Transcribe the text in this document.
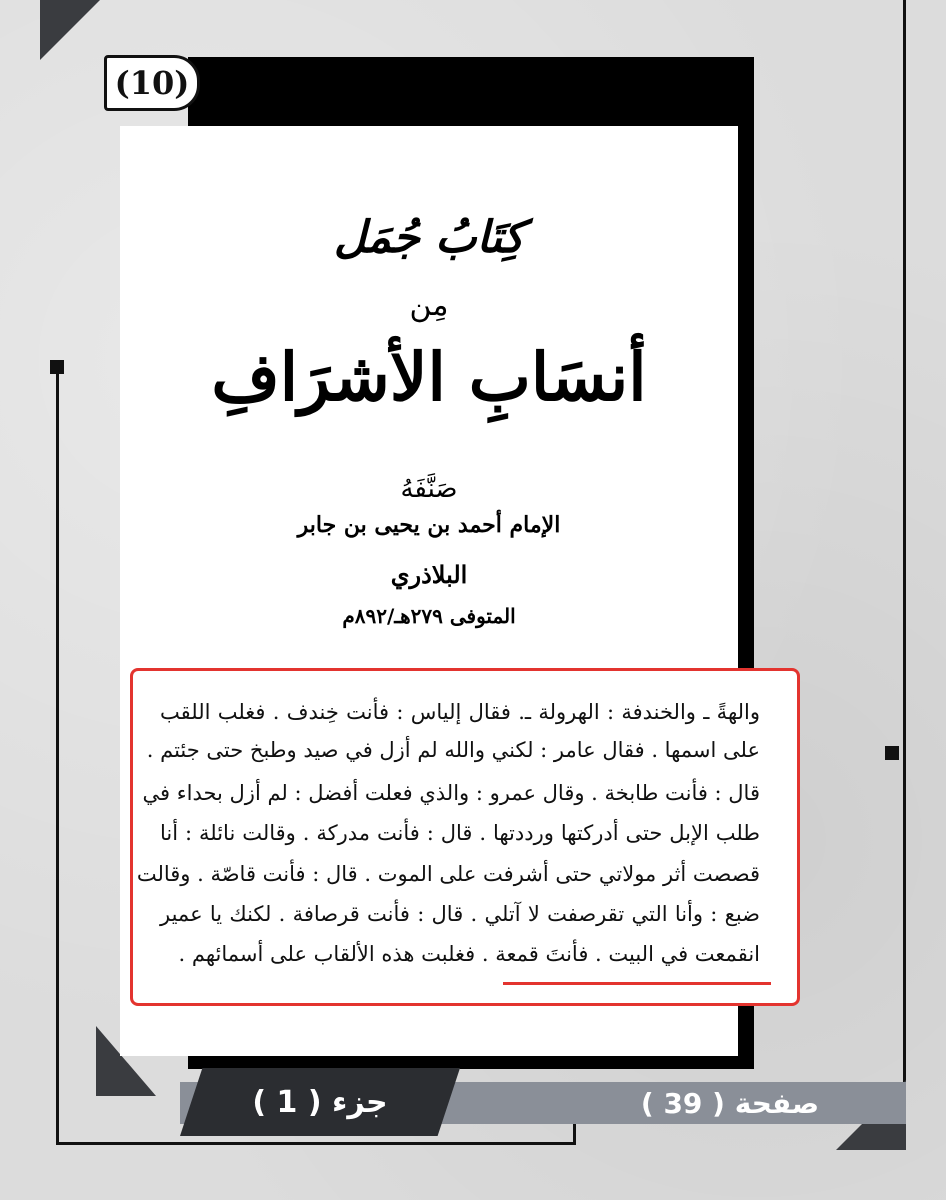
(10)
كِتَابُ جُمَل
مِن
أنسَابِ الأشرَافِ
صَنَّفَهُ
الإمام أحمد بن يحيى بن جابر
البلاذري
المتوفى ٢٧٩هـ/٨٩٢م
والهةً ـ والخندفة : الهرولة ـ. فقال إلياس : فأنت خِندف . فغلب اللقب
على اسمها . فقال عامر : لكني والله لم أزل في صيد وطبخ حتى جئتم .
قال : فأنت طابخة . وقال عمرو : والذي فعلت أفضل : لم أزل بحداء في
طلب الإبل حتى أدركتها ورددتها . قال : فأنت مدركة . وقالت نائلة : أنا
قصصت أثر مولاتي حتى أشرفت على الموت . قال : فأنت قاصّة . وقالت
ضبع : وأنا التي تقرصفت لا آتلي . قال : فأنت قرصافة . لكنك يا عمير
انقمعت في البيت . فأنتَ قمعة . فغلبت هذه الألقاب على أسمائهم .
جزء ( 1 )	صفحة ( 39 )
